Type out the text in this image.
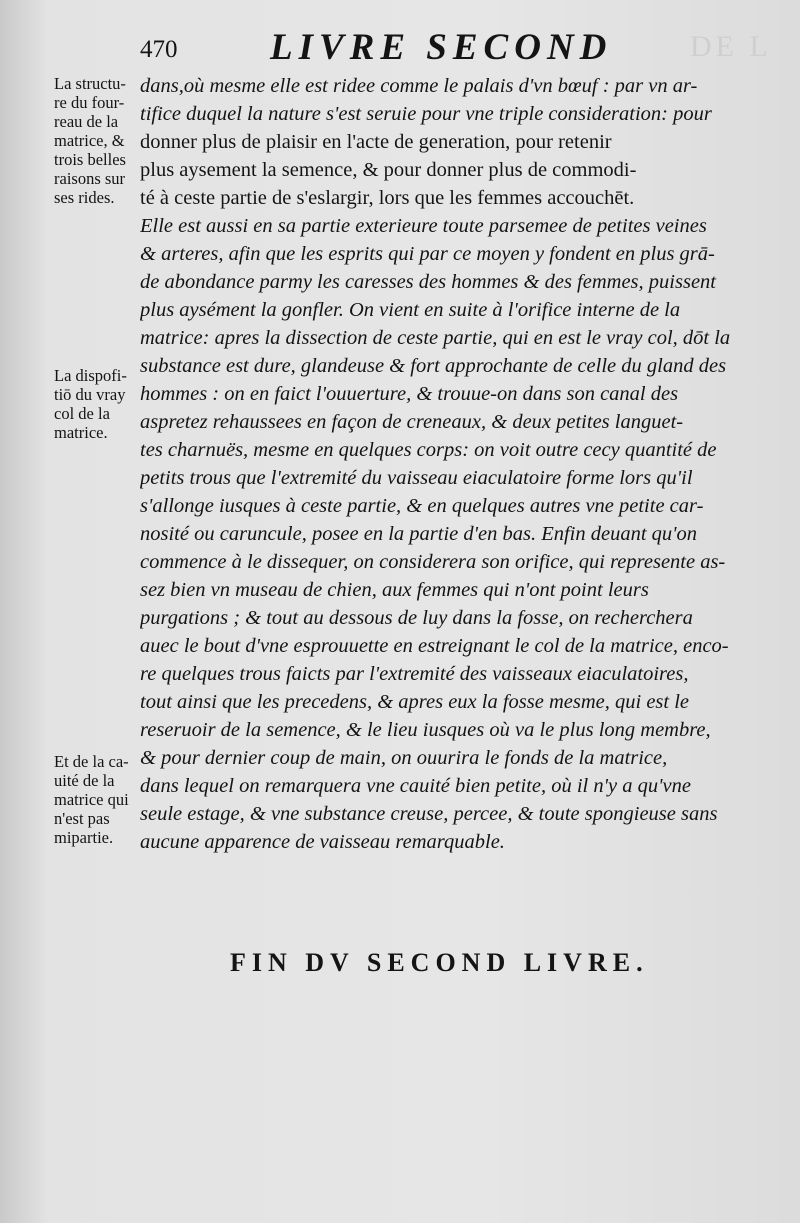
DE L
470	LIVRE SECOND
La structu-
re du four-
reau de la
matrice, &
trois belles
raisons sur
ses rides.
La dispofi-
tiō du vray
col de la
matrice.
Et de la ca-
uité de la
matrice qui
n'est pas
mipartie.
dans,où mesme elle est ridee comme le palais d'vn bœuf : par vn ar-
tifice duquel la nature s'est seruie pour vne triple consideration: pour
donner plus de plaisir en l'acte de generation, pour retenir
plus aysement la semence, & pour donner plus de commodi-
té à ceste partie de s'eslargir, lors que les femmes accouchēt.
Elle est aussi en sa partie exterieure toute parsemee de petites veines
& arteres, afin que les esprits qui par ce moyen y fondent en plus grā-
de abondance parmy les caresses des hommes & des femmes, puissent
plus aysément la gonfler. On vient en suite à l'orifice interne de la
matrice: apres la dissection de ceste partie, qui en est le vray col, dōt la
substance est dure, glandeuse & fort approchante de celle du gland des
hommes : on en faict l'ouuerture, & trouue-on dans son canal des
aspretez rehaussees en façon de creneaux, & deux petites languet-
tes charnuës, mesme en quelques corps: on voit outre cecy quantité de
petits trous que l'extremité du vaisseau eiaculatoire forme lors qu'il
s'allonge iusques à ceste partie, & en quelques autres vne petite car-
nosité ou caruncule, posee en la partie d'en bas. Enfin deuant qu'on
commence à le dissequer, on considerera son orifice, qui represente as-
sez bien vn museau de chien, aux femmes qui n'ont point leurs
purgations ; & tout au dessous de luy dans la fosse, on recherchera
auec le bout d'vne esprouuette en estreignant le col de la matrice, enco-
re quelques trous faicts par l'extremité des vaisseaux eiaculatoires,
tout ainsi que les precedens, & apres eux la fosse mesme, qui est le
reseruoir de la semence, & le lieu iusques où va le plus long membre,
& pour dernier coup de main, on ouurira le fonds de la matrice,
dans lequel on remarquera vne cauité bien petite, où il n'y a qu'vne
seule estage, & vne substance creuse, percee, & toute spongieuse sans
aucune apparence de vaisseau remarquable.
FIN DV SECOND LIVRE.
